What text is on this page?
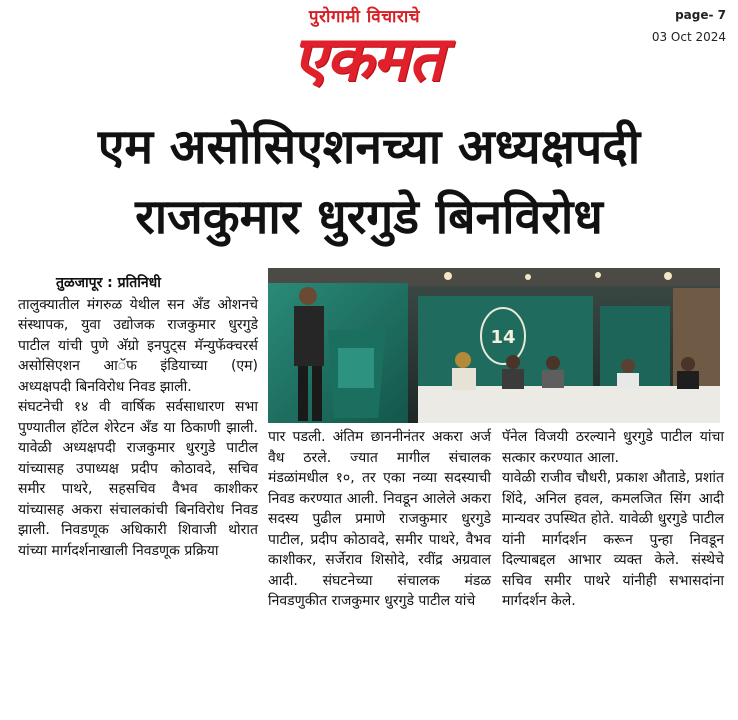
पुरोगामी विचाराचे
एकमत
page- 7
03 Oct 2024
एम असोसिएशनच्या अध्यक्षपदी
राजकुमार धुरगुडे बिनविरोध

तुळजापूर : प्रतिनिधी

तालुक्यातील मंगरुळ येथील सन अँड ओशनचे संस्थापक, युवा उद्योजक राजकुमार धुरगुडे पाटील यांची पुणे अ‍ॅग्रो इनपुट्स मॅन्युफॅक्चरर्स असोसिएशन आॅफ इंडियाच्या (एम) अध्यक्षपदी बिनविरोध निवड झाली.

संघटनेची १४ वी वार्षिक सर्वसाधारण सभा पुण्यातील हॉटेल शेरेटन अँड या ठिकाणी झाली. यावेळी अध्यक्षपदी राजकुमार धुरगुडे पाटील यांच्यासह उपाध्यक्ष प्रदीप कोठावदे, सचिव समीर पाथरे, सहसचिव वैभव काशीकर यांच्यासह अकरा संचालकांची बिनविरोध निवड झाली. निवडणूक अधिकारी शिवाजी थोरात यांच्या मार्गदर्शनाखाली निवडणूक प्रक्रिया

14

पार पडली. अंतिम छाननीनंतर अकरा अर्ज वैध ठरले. ज्यात मागील संचालक मंडळांमधील १०, तर एका नव्या सदस्याची निवड करण्यात आली. निवडून आलेले अकरा सदस्य पुढील प्रमाणे राजकुमार धुरगुडे पाटील, प्रदीप कोठावदे, समीर पाथरे, वैभव काशीकर, सर्जेराव शिसोदे, रवींद्र अग्रवाल आदी. संघटनेच्या संचालक मंडळ निवडणुकीत राजकुमार धुरगुडे पाटील यांचे

पॅनेल विजयी ठरल्याने धुरगुडे पाटील यांचा सत्कार करण्यात आला.

यावेळी राजीव चौधरी, प्रकाश औताडे, प्रशांत शिंदे, अनिल हवल, कमलजित सिंग आदी मान्यवर उपस्थित होते. यावेळी धुरगुडे पाटील यांनी मार्गदर्शन करून पुन्हा निवडून दिल्याबद्दल आभार व्यक्त केले. संस्थेचे सचिव समीर पाथरे यांनीही सभासदांना मार्गदर्शन केले.
